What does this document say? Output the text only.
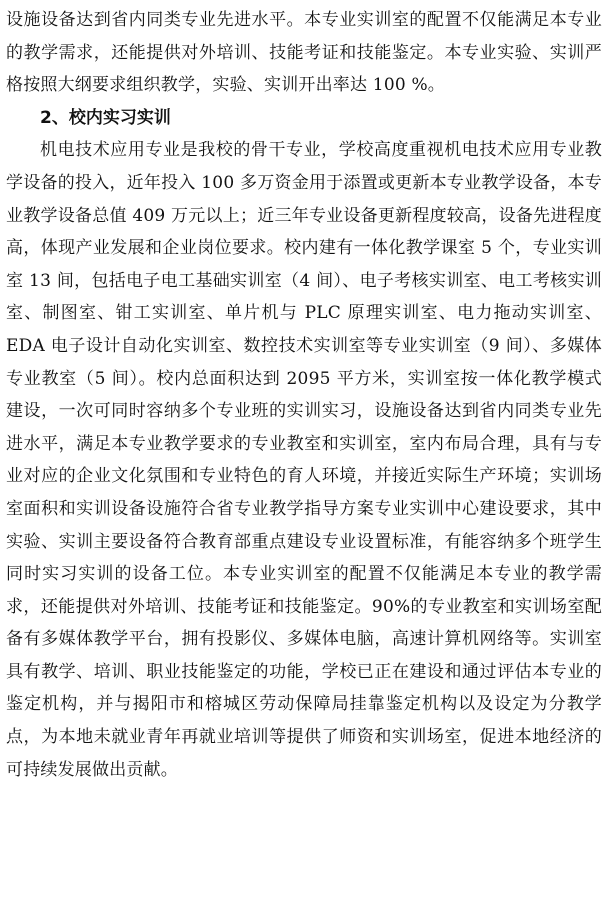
设施设备达到省内同类专业先进水平。本专业实训室的配置不仅能满足本专业的教学需求，还能提供对外培训、技能考证和技能鉴定。本专业实验、实训严格按照大纲要求组织教学，实验、实训开出率达 100 %。

2、校内实习实训

机电技术应用专业是我校的骨干专业，学校高度重视机电技术应用专业教学设备的投入，近年投入 100 多万资金用于添置或更新本专业教学设备，本专业教学设备总值 409 万元以上；近三年专业设备更新程度较高，设备先进程度高，体现产业发展和企业岗位要求。校内建有一体化教学课室 5 个，专业实训室 13 间，包括电子电工基础实训室（4 间）、电子考核实训室、电工考核实训室、制图室、钳工实训室、单片机与 PLC 原理实训室、电力拖动实训室、EDA 电子设计自动化实训室、数控技术实训室等专业实训室（9 间）、多媒体专业教室（5 间）。校内总面积达到 2095 平方米，实训室按一体化教学模式建设，一次可同时容纳多个专业班的实训实习，设施设备达到省内同类专业先进水平，满足本专业教学要求的专业教室和实训室，室内布局合理，具有与专业对应的企业文化氛围和专业特色的育人环境，并接近实际生产环境；实训场室面积和实训设备设施符合省专业教学指导方案专业实训中心建设要求，其中实验、实训主要设备符合教育部重点建设专业设置标准，有能容纳多个班学生同时实习实训的设备工位。本专业实训室的配置不仅能满足本专业的教学需求，还能提供对外培训、技能考证和技能鉴定。90%的专业教室和实训场室配备有多媒体教学平台，拥有投影仪、多媒体电脑，高速计算机网络等。实训室具有教学、培训、职业技能鉴定的功能，学校已正在建设和通过评估本专业的鉴定机构，并与揭阳市和榕城区劳动保障局挂靠鉴定机构以及设定为分教学点，为本地未就业青年再就业培训等提供了师资和实训场室，促进本地经济的可持续发展做出贡献。
